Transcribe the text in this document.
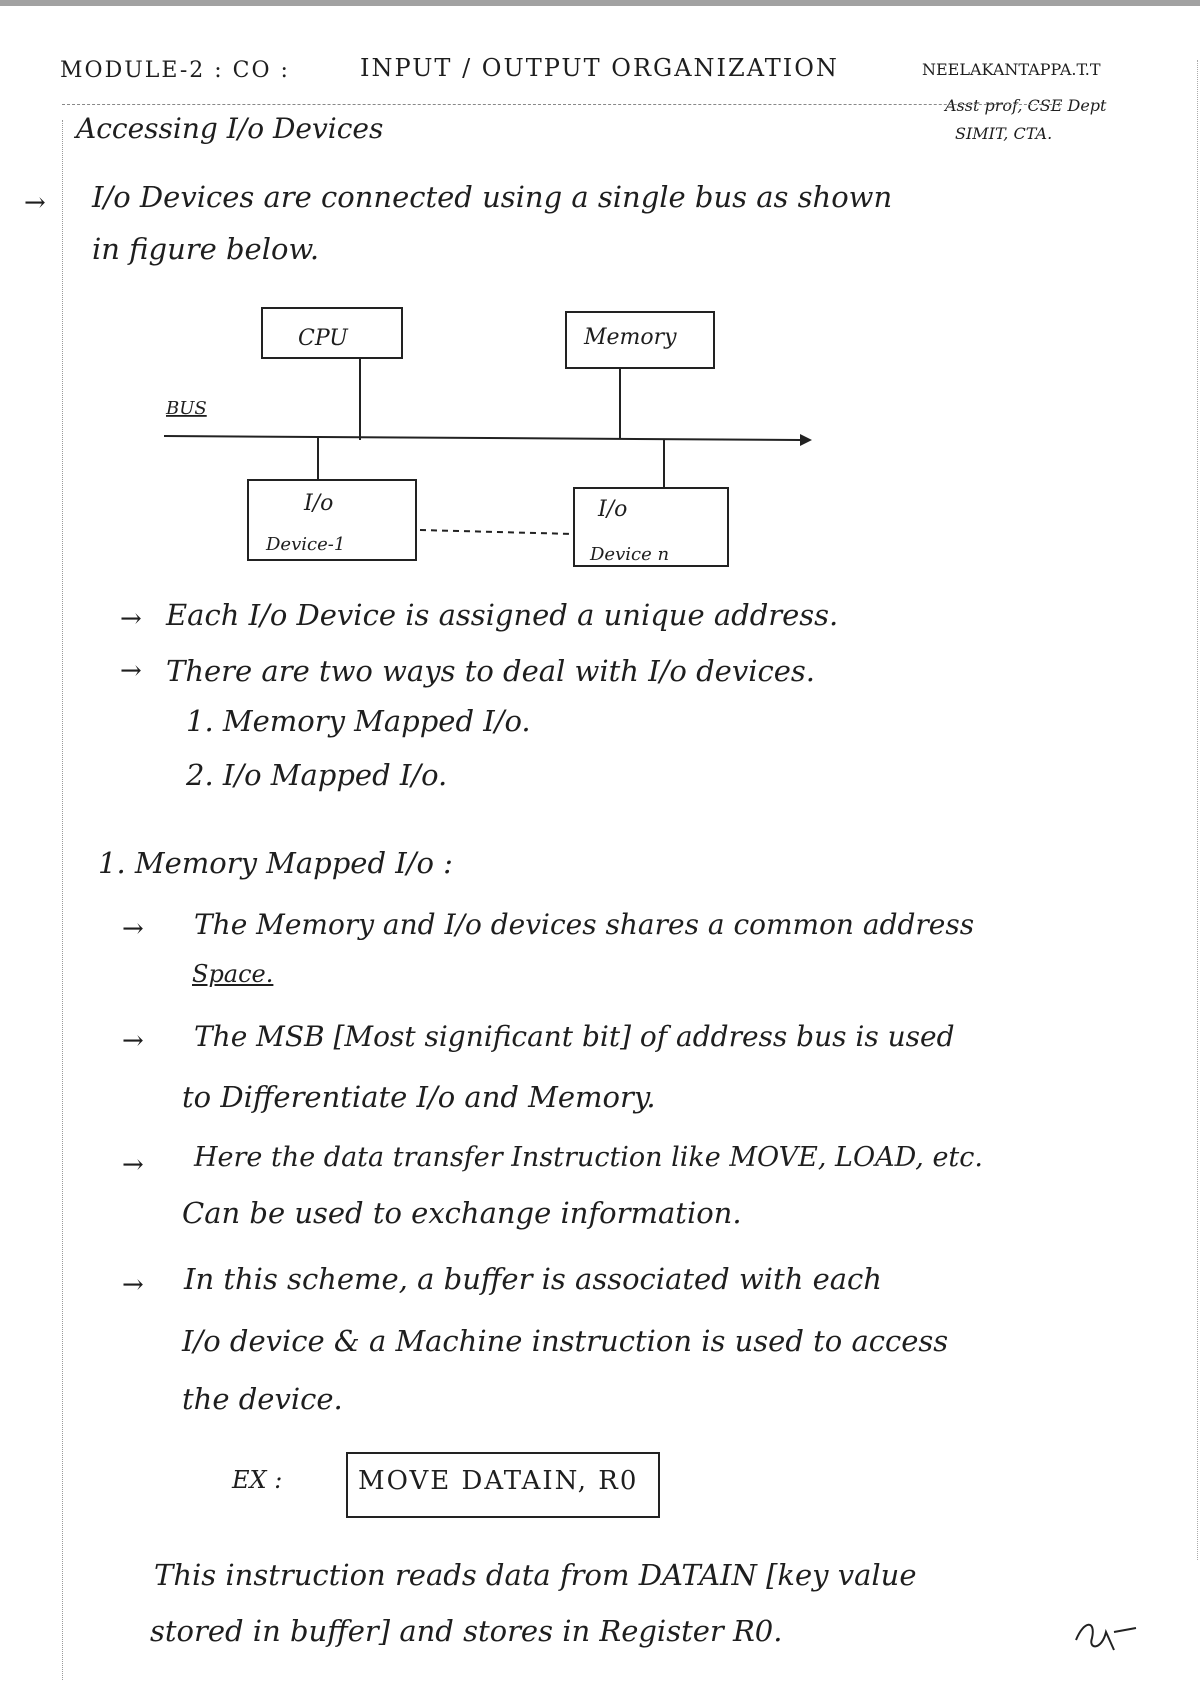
MODULE-2 : CO :	INPUT / OUTPUT ORGANIZATION	NEELAKANTAPPA.T.T
Asst prof, CSE Dept
SIMIT, CTA.
Accessing I/o Devices
→ I/o Devices are connected using a single bus as shown
in figure below.
CPU	Memory
BUS
I/o
Device-1
I/o
Device n
→ Each I/o Device is assigned a unique address.
→ There are two ways to deal with I/o devices.
1. Memory Mapped I/o.
2. I/o Mapped I/o.
1. Memory Mapped I/o :
→ The Memory and I/o devices shares a common address
Space.
→ The MSB [Most significant bit] of address bus is used
to Differentiate I/o and Memory.
→ Here the data transfer Instruction like MOVE, LOAD, etc.
Can be used to exchange information.
→ In this scheme, a buffer is associated with each
I/o device & a Machine instruction is used to access
the device.
EX :	MOVE DATAIN, R0
This instruction reads data from DATAIN [key value
stored in buffer] and stores in Register R0.
